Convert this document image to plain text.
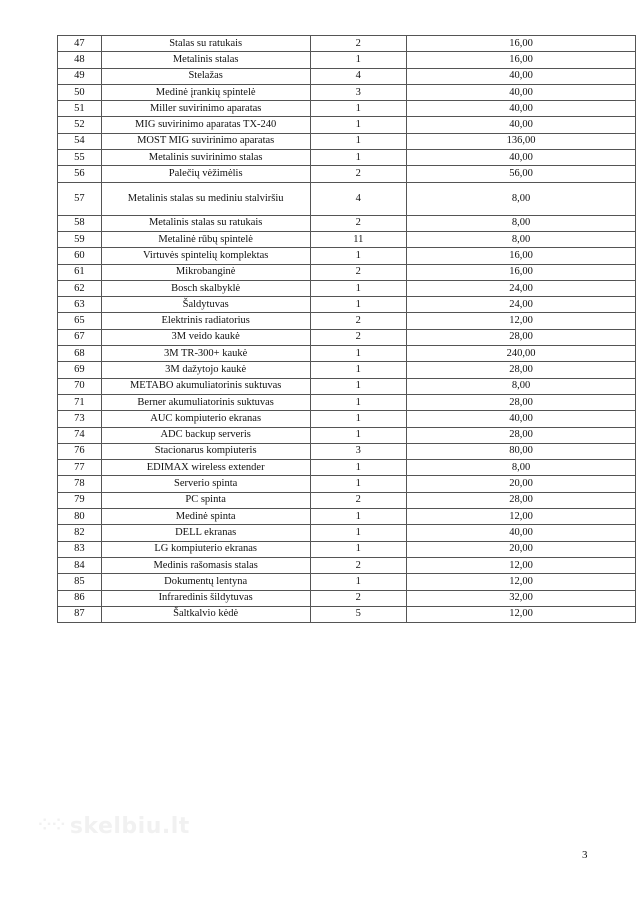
47	Stalas su ratukais	2	16,00
48	Metalinis stalas	1	16,00
49	Stelažas	4	40,00
50	Medinė įrankių spintelė	3	40,00
51	Miller suvirinimo aparatas	1	40,00
52	MIG suvirinimo aparatas TX-240	1	40,00
54	MOST MIG suvirinimo aparatas	1	136,00
55	Metalinis suvirinimo stalas	1	40,00
56	Palečių vėžimėlis	2	56,00
57	Metalinis stalas su mediniu stalviršiu	4	8,00
58	Metalinis stalas su ratukais	2	8,00
59	Metalinė rūbų spintelė	11	8,00
60	Virtuvės spintelių komplektas	1	16,00
61	Mikrobanginė	2	16,00
62	Bosch skalbyklė	1	24,00
63	Šaldytuvas	1	24,00
65	Elektrinis radiatorius	2	12,00
67	3M veido kaukė	2	28,00
68	3M TR-300+ kaukė	1	240,00
69	3M dažytojo kaukė	1	28,00
70	METABO akumuliatorinis suktuvas	1	8,00
71	Berner akumuliatorinis suktuvas	1	28,00
73	AUC kompiuterio ekranas	1	40,00
74	ADC backup serveris	1	28,00
76	Stacionarus kompiuteris	3	80,00
77	EDIMAX wireless extender	1	8,00
78	Serverio spinta	1	20,00
79	PC spinta	2	28,00
80	Medinė spinta	1	12,00
82	DELL ekranas	1	40,00
83	LG kompiuterio ekranas	1	20,00
84	Medinis rašomasis stalas	2	12,00
85	Dokumentų lentyna	1	12,00
86	Infraredinis šildytuvas	2	32,00
87	Šaltkalvio kėdė	5	12,00
⁘⁘ skelbiu.lt
3
